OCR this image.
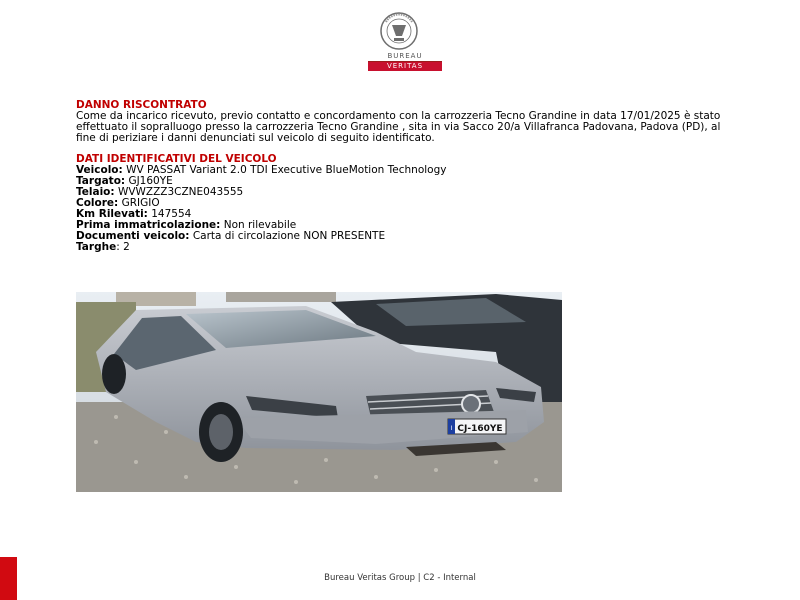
BUREAU
VERITAS

DANNO RISCONTRATO

Come da incarico ricevuto, previo contatto e concordamento con la carrozzeria Tecno Grandine in data 17/01/2025 è stato effettuato il sopralluogo presso la carrozzeria Tecno Grandine , sita in via Sacco 20/a Villafranca Padovana, Padova (PD), al fine di periziare i danni denunciati sul veicolo di seguito identificato.

DATI IDENTIFICATIVI DEL VEICOLO

Veicolo: WV PASSAT Variant 2.0 TDI Executive BlueMotion Technology

Targato: GJ160YE

Telaio: WVWZZZ3CZNE043555

Colore: GRIGIO

Km Rilevati: 147554

Prima immatricolazione: Non rilevabile

Documenti veicolo: Carta di circolazione NON PRESENTE

Targhe: 2

I CJ-160YE
Bureau Veritas Group | C2 - Internal
